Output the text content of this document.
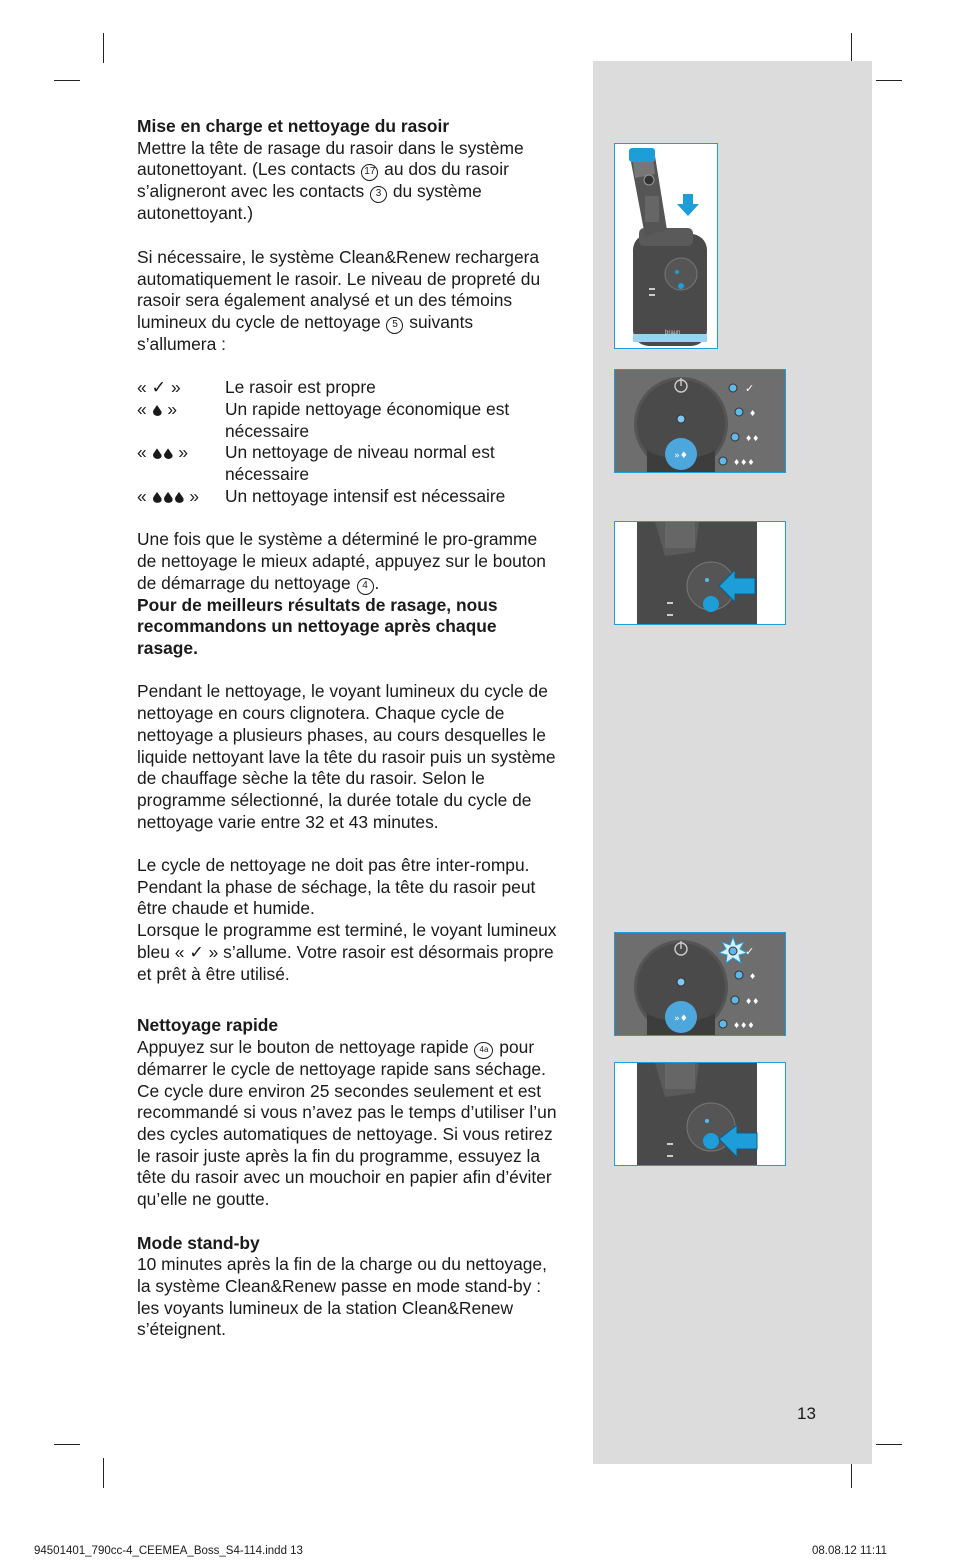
braun
»♦
✓
♦
♦♦
♦♦♦
»♦
✓
♦
♦♦
♦♦♦

Mise en charge et nettoyage du rasoir

Mettre la tête de rasage du rasoir dans le système autonettoyant. (Les contacts 17 au dos du rasoir s’aligneront avec les contacts 3 du système autonettoyant.)

Si nécessaire, le système Clean&Renew rechargera automatiquement le rasoir. Le niveau de propreté du rasoir sera également analysé et un des témoins lumineux du cycle de nettoyage 5 suivants s’allumera :

« ✓ »	Le rasoir est propre
« »	Un rapide nettoyage économique est nécessaire
« »	Un nettoyage de niveau normal est nécessaire
« »	Un nettoyage intensif est nécessaire

Une fois que le système a déterminé le pro-gramme de nettoyage le mieux adapté, appuyez sur le bouton de démarrage du nettoyage 4 .

Pour de meilleurs résultats de rasage, nous recommandons un nettoyage après chaque rasage.

Pendant le nettoyage, le voyant lumineux du cycle de nettoyage en cours clignotera. Chaque cycle de nettoyage a plusieurs phases, au cours desquelles le liquide nettoyant lave la tête du rasoir puis un système de chauffage sèche la tête du rasoir. Selon le programme sélectionné, la durée totale du cycle de nettoyage varie entre 32 et 43 minutes.

Le cycle de nettoyage ne doit pas être inter-rompu. Pendant la phase de séchage, la tête du rasoir peut être chaude et humide.

Lorsque le programme est terminé, le voyant lumineux bleu « ✓ » s’allume. Votre rasoir est désormais propre et prêt à être utilisé.

Nettoyage rapide

Appuyez sur le bouton de nettoyage rapide 4a pour démarrer le cycle de nettoyage rapide sans séchage. Ce cycle dure environ 25 secondes seulement et est recommandé si vous n’avez pas le temps d’utiliser l’un des cycles automatiques de nettoyage. Si vous retirez le rasoir juste après la fin du programme, essuyez la tête du rasoir avec un mouchoir en papier afin d’éviter qu’elle ne goutte.

Mode stand-by

10 minutes après la fin de la charge ou du nettoyage, la système Clean&Renew passe en mode stand-by : les voyants lumineux de la station Clean&Renew s’éteignent.

13
94501401_790cc-4_CEEMEA_Boss_S4-114.indd 13	08.08.12 11:11
